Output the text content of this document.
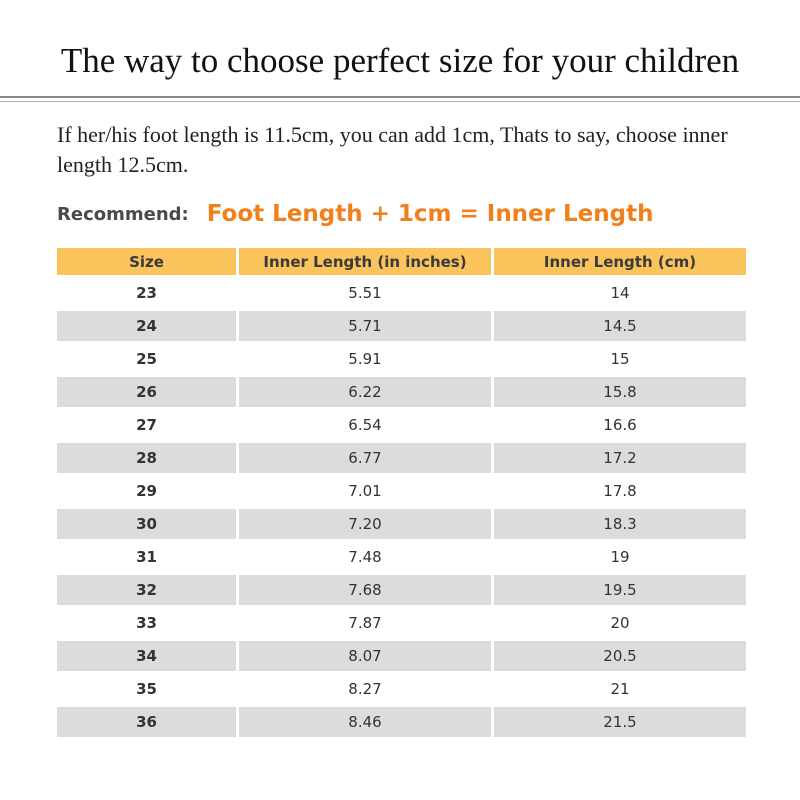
The way to choose perfect size for your children
If her/his foot length is 11.5cm, you can add 1cm, Thats to say, choose inner length 12.5cm.
Recommend: Foot Length + 1cm = Inner Length
Size	Inner Length (in inches)	Inner Length (cm)
23	5.51	14
24	5.71	14.5
25	5.91	15
26	6.22	15.8
27	6.54	16.6
28	6.77	17.2
29	7.01	17.8
30	7.20	18.3
31	7.48	19
32	7.68	19.5
33	7.87	20
34	8.07	20.5
35	8.27	21
36	8.46	21.5
